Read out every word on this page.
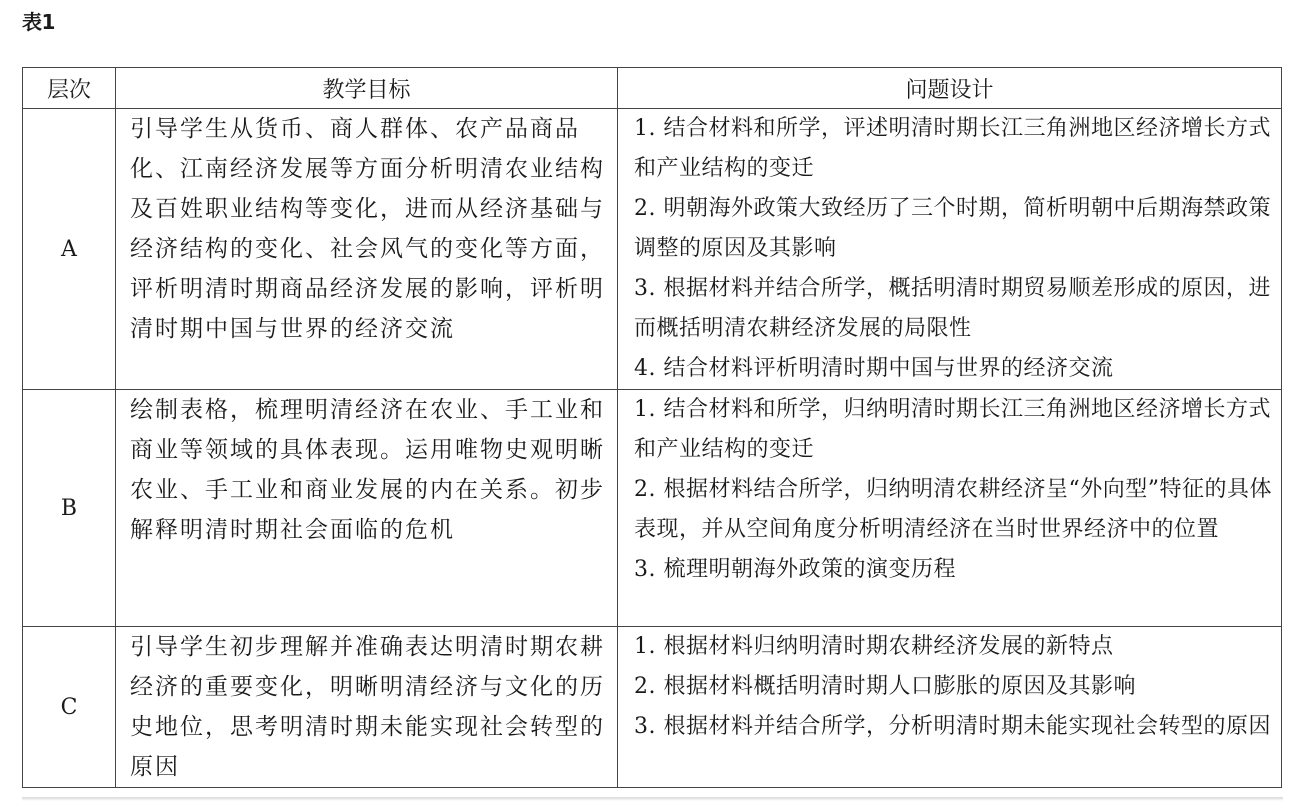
表1
层次	教学目标	问题设计
A	引导学生从货币、商人群体、农产品商品化、江南经济发展等方面分析明清农业结构及百姓职业结构等变化，进而从经济基础与经济结构的变化、社会风气的变化等方面，评析明清时期商品经济发展的影响，评析明清时期中国与世界的经济交流	1. 结合材料和所学，评述明清时期长江三角洲地区经济增长方式和产业结构的变迁
2. 明朝海外政策大致经历了三个时期，简析明朝中后期海禁政策调整的原因及其影响
3. 根据材料并结合所学，概括明清时期贸易顺差形成的原因，进而概括明清农耕经济发展的局限性
4. 结合材料评析明清时期中国与世界的经济交流

B	绘制表格，梳理明清经济在农业、手工业和商业等领域的具体表现。运用唯物史观明晰农业、手工业和商业发展的内在关系。初步解释明清时期社会面临的危机	1. 结合材料和所学，归纳明清时期长江三角洲地区经济增长方式和产业结构的变迁
2. 根据材料结合所学，归纳明清农耕经济呈“外向型”特征的具体表现，并从空间角度分析明清经济在当时世界经济中的位置
3. 梳理明朝海外政策的演变历程

C	引导学生初步理解并准确表达明清时期农耕经济的重要变化，明晰明清经济与文化的历史地位，思考明清时期未能实现社会转型的原因	1. 根据材料归纳明清时期农耕经济发展的新特点
2. 根据材料概括明清时期人口膨胀的原因及其影响
3. 根据材料并结合所学，分析明清时期未能实现社会转型的原因
